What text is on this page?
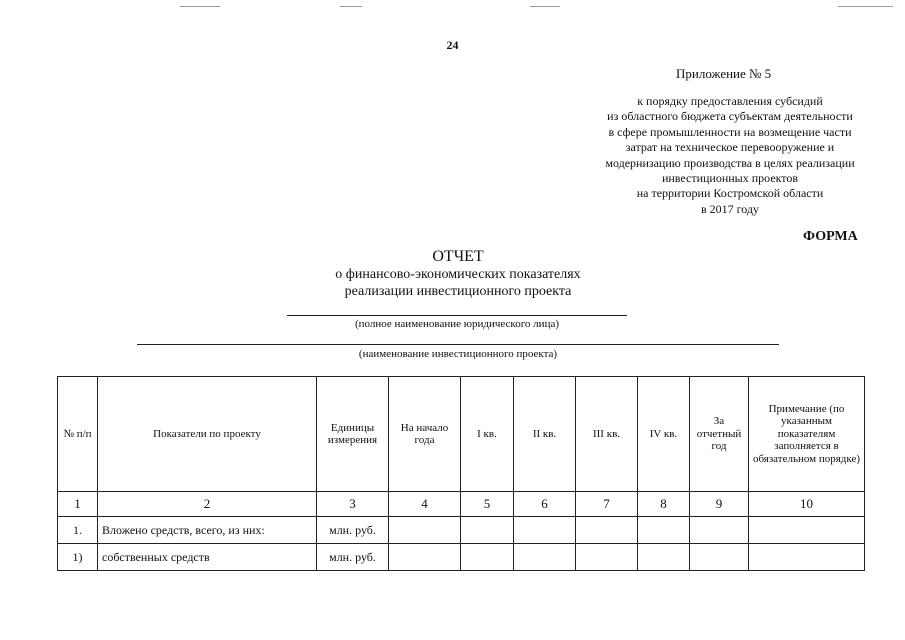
24
Приложение № 5
к порядку предоставления субсидий
из областного бюджета субъектам деятельности
в сфере промышленности на возмещение части
затрат на техническое перевооружение и
модернизацию производства в целях реализации
инвестиционных проектов
на территории Костромской области
в 2017 году
ФОРМА
ОТЧЕТ
о финансово-экономических показателях
реализации инвестиционного проекта
(полное наименование юридического лица)
(наименование инвестиционного проекта)
№ п/п	Показатели по проекту	Единицы измерения	На начало года	I кв.	II кв.	III кв.	IV кв.	За отчетный год	Примечание (по указанным показателям заполняется в обязательном порядке)
1	2	3	4	5	6	7	8	9	10
1.	Вложено средств, всего, из них:	млн. руб.							
1)	собственных средств	млн. руб.							
